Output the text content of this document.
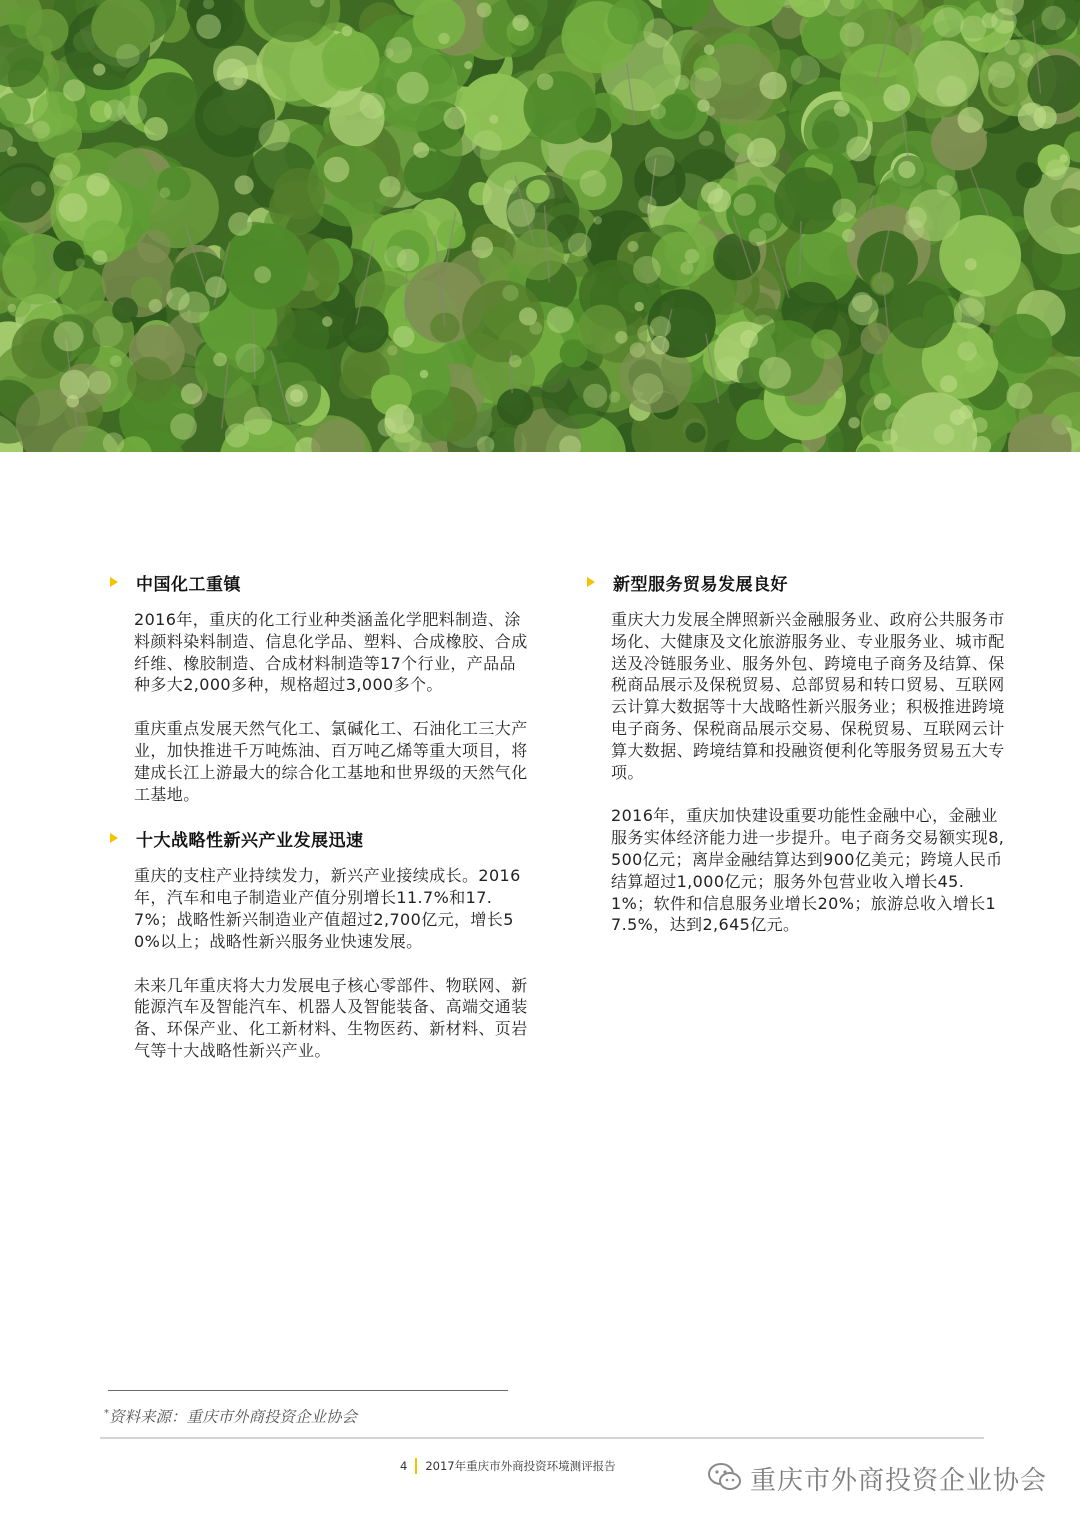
中国化工重镇

2016年，重庆的化工行业种类涵盖化学肥料制造、涂料颜料染料制造、信息化学品、塑料、合成橡胶、合成纤维、橡胶制造、合成材料制造等17个行业，产品品种多大2,000多种，规格超过3,000多个。

重庆重点发展天然气化工、氯碱化工、石油化工三大产业，加快推进千万吨炼油、百万吨乙烯等重大项目，将建成长江上游最大的综合化工基地和世界级的天然气化工基地。

十大战略性新兴产业发展迅速

重庆的支柱产业持续发力，新兴产业接续成长。2016年，汽车和电子制造业产值分别增长11.7%和17.7%；战略性新兴制造业产值超过2,700亿元，增长50%以上；战略性新兴服务业快速发展。

未来几年重庆将大力发展电子核心零部件、物联网、新能源汽车及智能汽车、机器人及智能装备、高端交通装备、环保产业、化工新材料、生物医药、新材料、页岩气等十大战略性新兴产业。

新型服务贸易发展良好

重庆大力发展全牌照新兴金融服务业、政府公共服务市场化、大健康及文化旅游服务业、专业服务业、城市配送及冷链服务业、服务外包、跨境电子商务及结算、保税商品展示及保税贸易、总部贸易和转口贸易、互联网云计算大数据等十大战略性新兴服务业；积极推进跨境电子商务、保税商品展示交易、保税贸易、互联网云计算大数据、跨境结算和投融资便利化等服务贸易五大专项。

2016年，重庆加快建设重要功能性金融中心，金融业服务实体经济能力进一步提升。电子商务交易额实现8,500亿元；离岸金融结算达到900亿美元；跨境人民币结算超过1,000亿元；服务外包营业收入增长45.1%；软件和信息服务业增长20%；旅游总收入增长17.5%，达到2,645亿元。

*资料来源：重庆市外商投资企业协会
4 2017年重庆市外商投资环境测评报告	重庆市外商投资企业协会
